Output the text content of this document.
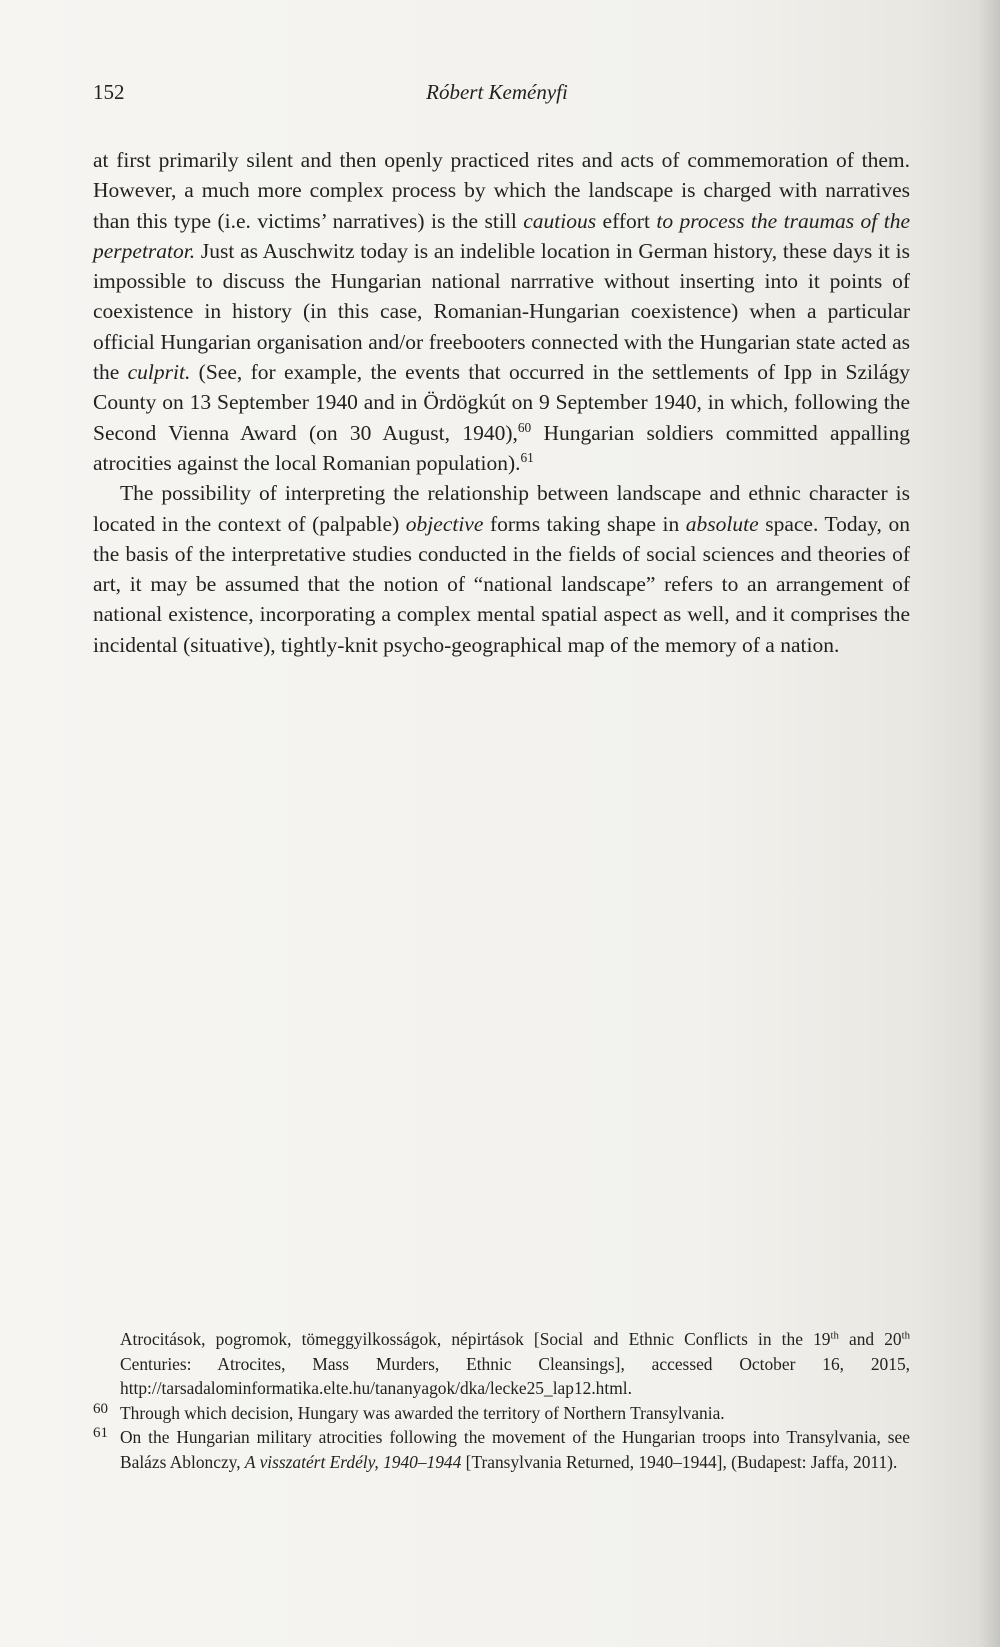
152	Róbert Keményfi

at first primarily silent and then openly practiced rites and acts of commemoration of them. However, a much more complex process by which the landscape is charged with narratives than this type (i.e. victims’ narratives) is the still cautious effort to process the traumas of the perpetrator. Just as Auschwitz today is an indelible location in German history, these days it is impossible to discuss the Hungarian national narrrative without inserting into it points of coexistence in history (in this case, Romanian-Hungarian coexistence) when a particular official Hungarian organisation and/or freebooters connected with the Hungarian state acted as the culprit. (See, for example, the events that occurred in the settlements of Ipp in Szilágy County on 13 September 1940 and in Ördögkút on 9 September 1940, in which, following the Second Vienna Award (on 30 August, 1940),$^{60}$ Hungarian soldiers committed appalling atrocities against the local Romanian population).$^{61}$

The possibility of interpreting the relationship between landscape and ethnic character is located in the context of (palpable) objective forms taking shape in absolute space. Today, on the basis of the interpretative studies conducted in the fields of social sciences and theories of art, it may be assumed that the notion of “national landscape” refers to an arrangement of national existence, incorporating a complex mental spatial aspect as well, and it comprises the incidental (situative), tightly-knit psycho-geographical map of the memory of a nation.

Atrocitások, pogromok, tömeggyilkosságok, népirtások [Social and Ethnic Conflicts in the 19th and 20th Centuries: Atrocites, Mass Murders, Ethnic Cleansings], accessed October 16, 2015, http://tarsadalominformatika.elte.hu/tananyagok/dka/lecke25_lap12.html.

60 Through which decision, Hungary was awarded the territory of Northern Transylvania.

61 On the Hungarian military atrocities following the movement of the Hungarian troops into Transylvania, see Balázs Ablonczy, A visszatért Erdély, 1940–1944 [Transylvania Returned, 1940–1944], (Budapest: Jaffa, 2011).
